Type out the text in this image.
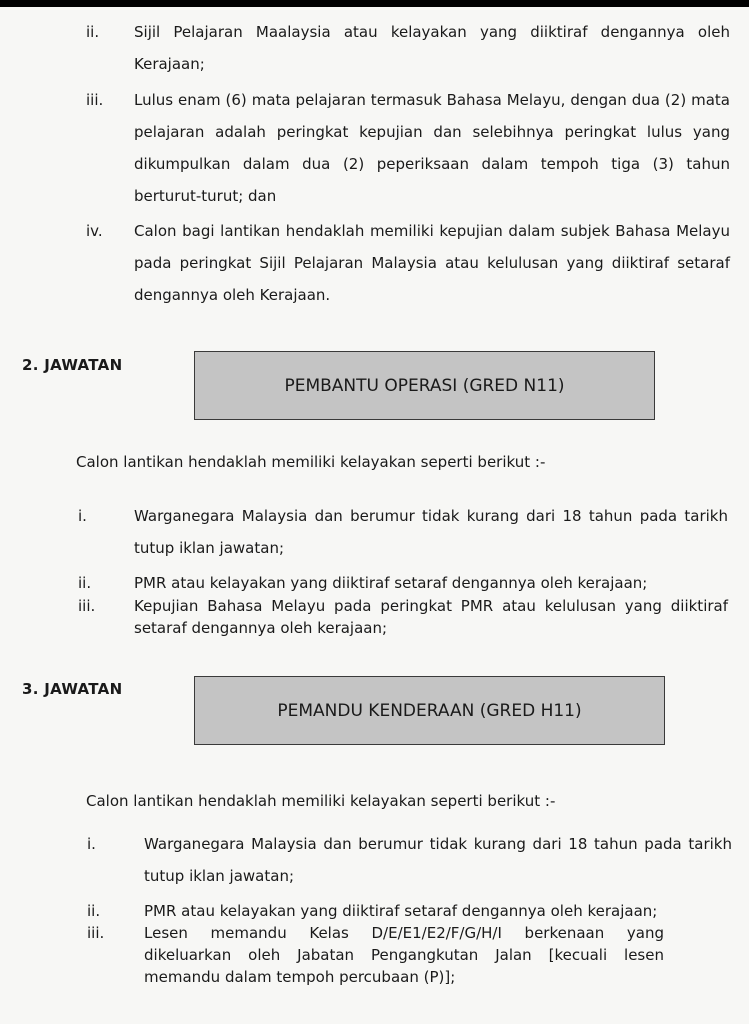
ii. Sijil Pelajaran Maalaysia atau kelayakan yang diiktiraf dengannya oleh Kerajaan;
iii. Lulus enam (6) mata pelajaran termasuk Bahasa Melayu, dengan dua (2) mata pelajaran adalah peringkat kepujian dan selebihnya peringkat lulus yang dikumpulkan dalam dua (2) peperiksaan dalam tempoh tiga (3) tahun berturut-turut; dan
iv. Calon bagi lantikan hendaklah memiliki kepujian dalam subjek Bahasa Melayu pada peringkat Sijil Pelajaran Malaysia atau kelulusan yang diiktiraf setaraf dengannya oleh Kerajaan.
2. JAWATAN
PEMBANTU OPERASI (GRED N11)
Calon lantikan hendaklah memiliki kelayakan seperti berikut :-
i.	Warganegara Malaysia dan berumur tidak kurang dari 18 tahun pada tarikh tutup iklan jawatan;
ii.	PMR atau kelayakan yang diiktiraf setaraf dengannya oleh kerajaan;
iii.	Kepujian Bahasa Melayu pada peringkat PMR atau kelulusan yang diiktiraf setaraf dengannya oleh kerajaan;
3. JAWATAN
PEMANDU KENDERAAN (GRED H11)
Calon lantikan hendaklah memiliki kelayakan seperti berikut :-
i.	Warganegara Malaysia dan berumur tidak kurang dari 18 tahun pada tarikh tutup iklan jawatan;
ii.	PMR atau kelayakan yang diiktiraf setaraf dengannya oleh kerajaan;
iii.	Lesen memandu Kelas D/E/E1/E2/F/G/H/I berkenaan yang dikeluarkan oleh Jabatan Pengangkutan Jalan [kecuali lesen memandu dalam tempoh percubaan (P)];
